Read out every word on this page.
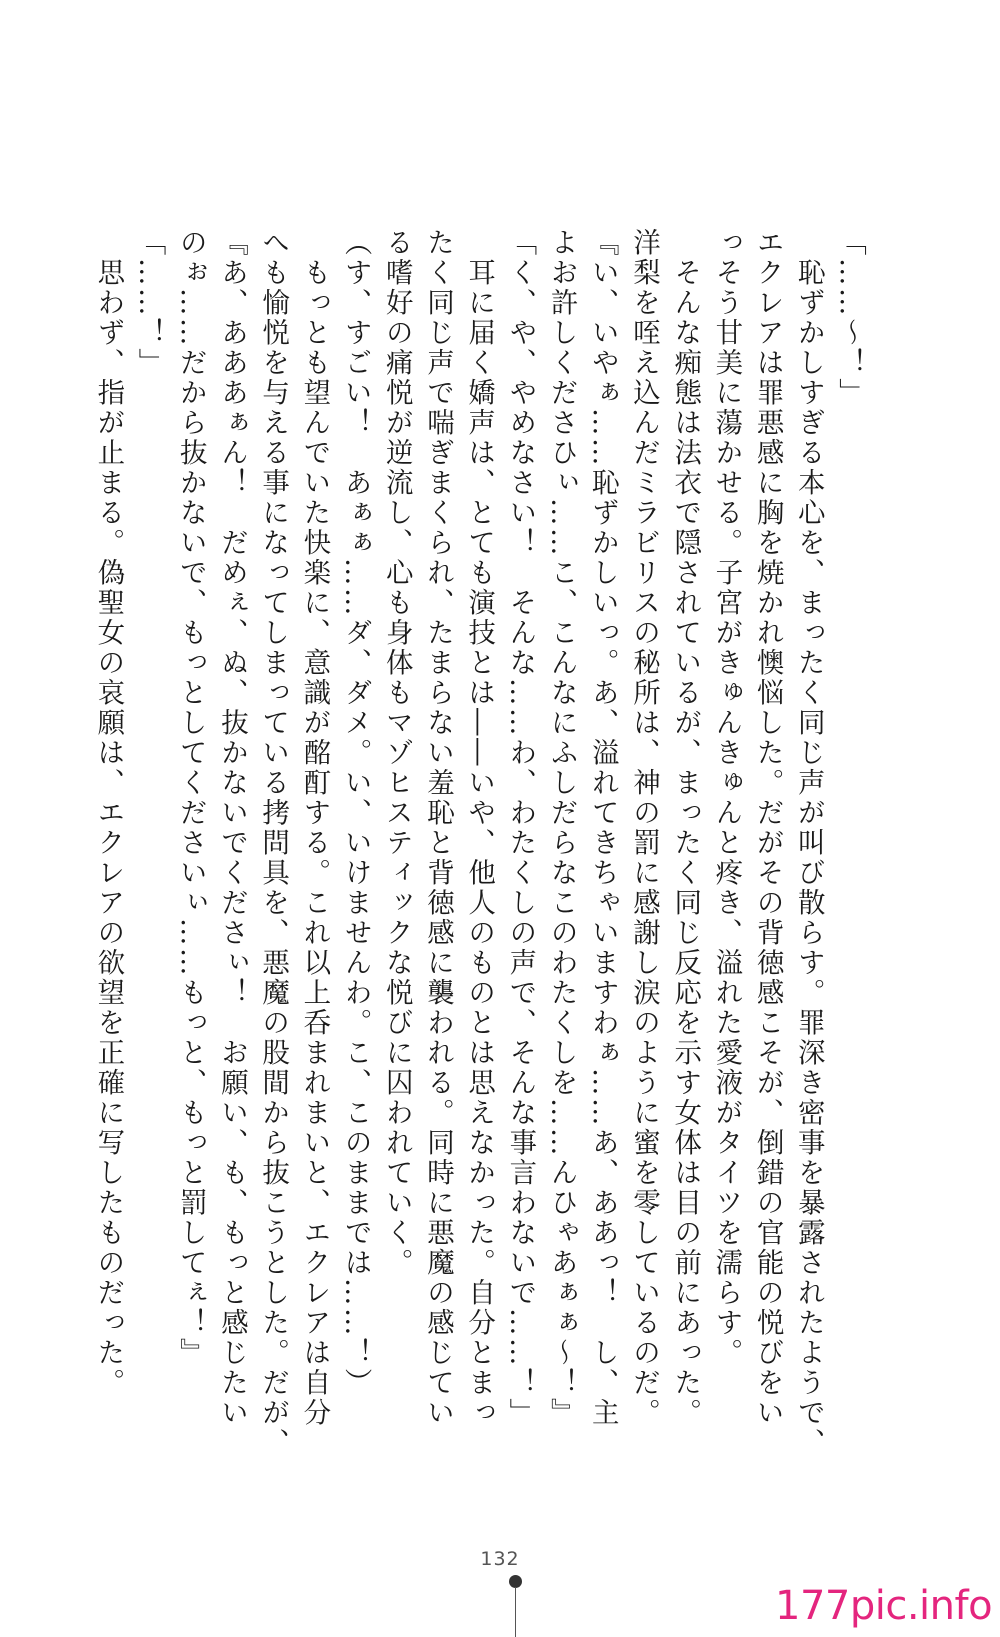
「……〜！」

　恥ずかしすぎる本心を、まったく同じ声が叫び散らす。罪深き密事を暴露されたようで、

エクレアは罪悪感に胸を焼かれ懊悩した。だがその背徳感こそが、倒錯の官能の悦びをい

っそう甘美に蕩かせる。子宮がきゅんきゅんと疼き、溢れた愛液がタイツを濡らす。

　そんな痴態は法衣で隠されているが、まったく同じ反応を示す女体は目の前にあった。

洋梨を咥え込んだミラビリスの秘所は、神の罰に感謝し涙のように蜜を零しているのだ。

『い、いやぁ……恥ずかしいっ。あ、溢れてきちゃいますわぁ……あ、ああっ！　し、主

よお許しくださひぃ……こ、こんなにふしだらなこのわたくしを……んひゃあぁぁ〜！』

「く、や、やめなさい！　そんな……わ、わたくしの声で、そんな事言わないで……！」

　耳に届く嬌声は、とても演技とは――いや、他人のものとは思えなかった。自分とまっ

たく同じ声で喘ぎまくられ、たまらない羞恥と背徳感に襲われる。同時に悪魔の感じてい

る嗜好の痛悦が逆流し、心も身体もマゾヒスティックな悦びに囚われていく。

（す、すごい！　あぁぁ……ダ、ダメ。い、いけませんわ。こ、このままでは……！）

　もっとも望んでいた快楽に、意識が酩酊する。これ以上呑まれまいと、エクレアは自分

へも愉悦を与える事になってしまっている拷問具を、悪魔の股間から抜こうとした。だが、

『あ、あああぁん！　だめぇ、ぬ、抜かないでくださぃ！　お願い、も、もっと感じたい

のぉ……だから抜かないで、もっとしてくださいぃ……もっと、もっと罰してぇ！』

「……！」

　思わず、指が止まる。偽聖女の哀願は、エクレアの欲望を正確に写したものだった。

132
177pic.info
